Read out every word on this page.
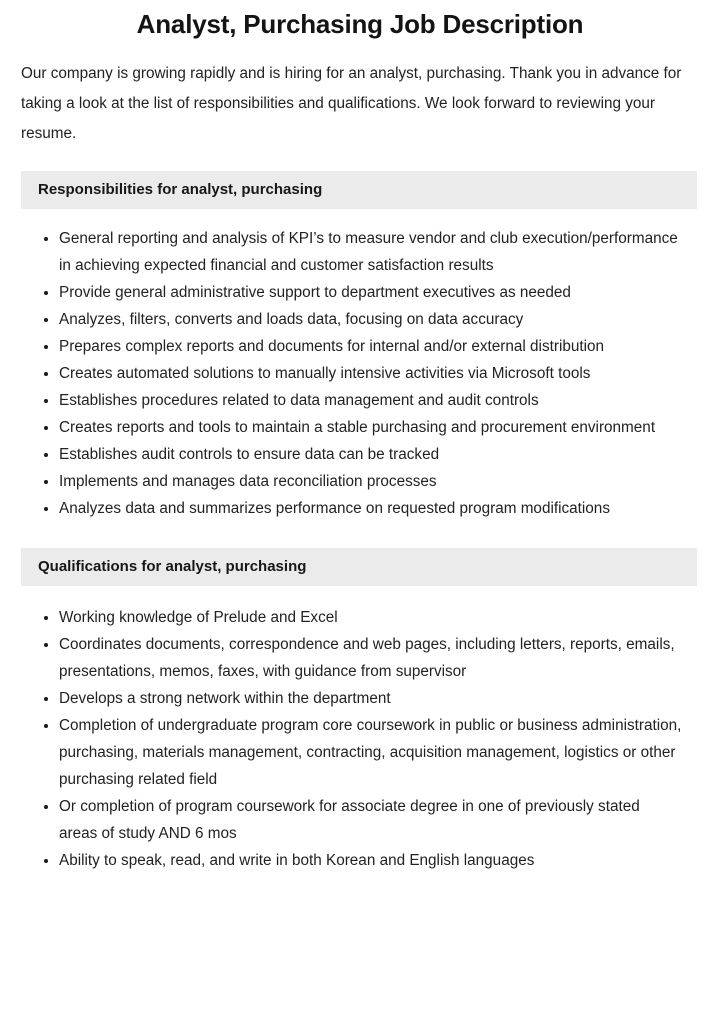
Analyst, Purchasing Job Description

Our company is growing rapidly and is hiring for an analyst, purchasing. Thank you in advance for taking a look at the list of responsibilities and qualifications. We look forward to reviewing your resume.

Responsibilities for analyst, purchasing
General reporting and analysis of KPI’s to measure vendor and club execution/performance in achieving expected financial and customer satisfaction results
Provide general administrative support to department executives as needed
Analyzes, filters, converts and loads data, focusing on data accuracy
Prepares complex reports and documents for internal and/or external distribution
Creates automated solutions to manually intensive activities via Microsoft tools
Establishes procedures related to data management and audit controls
Creates reports and tools to maintain a stable purchasing and procurement environment
Establishes audit controls to ensure data can be tracked
Implements and manages data reconciliation processes
Analyzes data and summarizes performance on requested program modifications
Qualifications for analyst, purchasing
Working knowledge of Prelude and Excel
Coordinates documents, correspondence and web pages, including letters, reports, emails, presentations, memos, faxes, with guidance from supervisor
Develops a strong network within the department
Completion of undergraduate program core coursework in public or business administration, purchasing, materials management, contracting, acquisition management, logistics or other purchasing related field
Or completion of program coursework for associate degree in one of previously stated areas of study AND 6 mos
Ability to speak, read, and write in both Korean and English languages
